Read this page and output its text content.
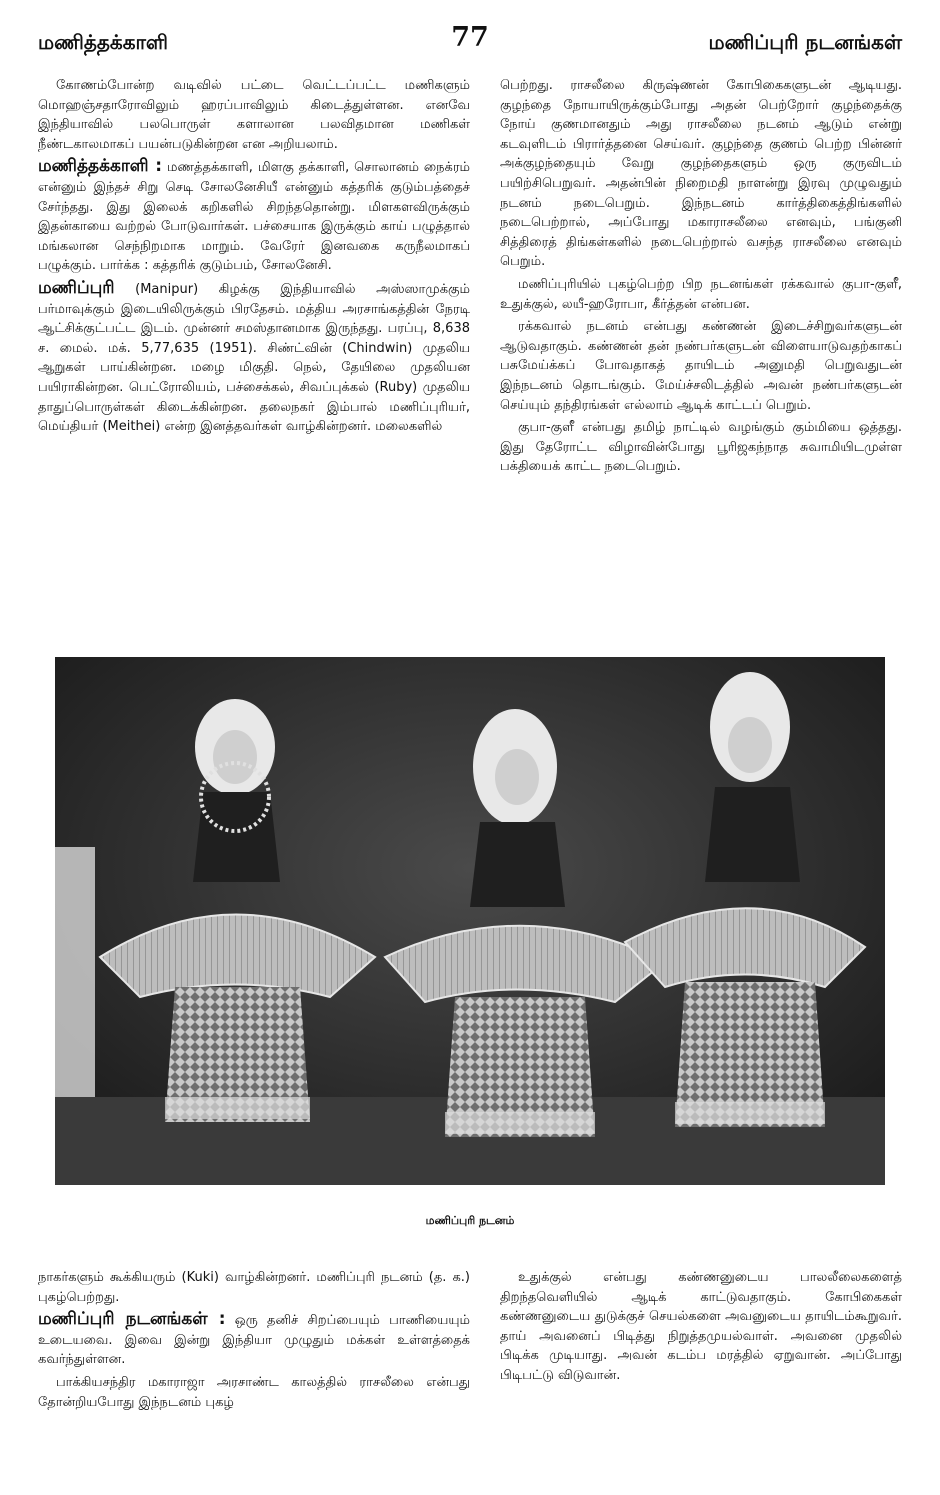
மணித்தக்காளி	77	மணிப்புரி நடனங்கள்

கோணம்போன்ற வடிவில் பட்டை வெட்டப்பட்ட மணிகளும் மொஹஞ்சதாரோவிலும் ஹரப்பாவிலும் கிடைத்துள்ளன. எனவே இந்தியாவில் பலபொருள் களாலான பலவிதமான மணிகள் நீண்டகாலமாகப் பயன்படுகின்றன என அறியலாம்.

மணித்தக்காளி : மணத்தக்காளி, மிளகு தக்காளி, சொலானம் நைக்ரம் என்னும் இந்தச் சிறு செடி சோலனேசியீ என்னும் கத்தரிக் குடும்பத்தைச் சேர்ந்தது. இது இலைக் கறிகளில் சிறந்ததொன்று. மிளகளவிருக்கும் இதன்காயை வற்றல் போடுவார்கள். பச்சையாக இருக்கும் காய் பழுத்தால் மங்கலான செந்நிறமாக மாறும். வேரேர் இனவகை கருநீலமாகப் பழுக்கும். பார்க்க : கத்தரிக் குடும்பம், சோலனேசி.

மணிப்புரி (Manipur) கிழக்கு இந்தியாவில் அஸ்ஸாமுக்கும் பர்மாவுக்கும் இடையிலிருக்கும் பிரதேசம். மத்திய அரசாங்கத்தின் நேரடி ஆட்சிக்குட்பட்ட இடம். முன்னர் சமஸ்தானமாக இருந்தது. பரப்பு, 8,638 ச. மைல். மக். 5,77,635 (1951). சிண்ட்வின் (Chindwin) முதலிய ஆறுகள் பாய்கின்றன. மழை மிகுதி. நெல், தேயிலை முதலியன பயிராகின்றன. பெட்ரோலியம், பச்சைக்கல், சிவப்புக்கல் (Ruby) முதலிய தாதுப்பொருள்கள் கிடைக்கின்றன. தலைநகர் இம்பால் மணிப்புரியர், மெய்தியர் (Meithei) என்ற இனத்தவர்கள் வாழ்கின்றனர். மலைகளில்

பெற்றது. ராசலீலை கிருஷ்ணன் கோபிகைகளுடன் ஆடியது. குழந்தை நோயாயிருக்கும்போது அதன் பெற்றோர் குழந்தைக்கு நோய் குணமானதும் அது ராசலீலை நடனம் ஆடும் என்று கடவுளிடம் பிரார்த்தனை செய்வர். குழந்தை குணம் பெற்ற பின்னர் அக்குழந்தையும் வேறு குழந்தைகளும் ஒரு குருவிடம் பயிற்சிபெறுவர். அதன்பின் நிறைமதி நாளன்று இரவு முழுவதும் நடனம் நடைபெறும். இந்நடனம் கார்த்திகைத்திங்களில் நடைபெற்றால், அப்போது மகாராசலீலை எனவும், பங்குனி சித்திரைத் திங்கள்களில் நடைபெற்றால் வசந்த ராசலீலை எனவும் பெறும்.

மணிப்புரியில் புகழ்பெற்ற பிற நடனங்கள் ரக்கவால் குபா-குளீ, உதுக்குல், லயீ-ஹரோபா, கீர்த்தன் என்பன.

ரக்கவால் நடனம் என்பது கண்ணன் இடைச்சிறுவர்களுடன் ஆடுவதாகும். கண்ணன் தன் நண்பர்களுடன் விளையாடுவதற்காகப் பசுமேய்க்கப் போவதாகத் தாயிடம் அனுமதி பெறுவதுடன் இந்நடனம் தொடங்கும். மேய்ச்சலிடத்தில் அவன் நண்பர்களுடன் செய்யும் தந்திரங்கள் எல்லாம் ஆடிக் காட்டப் பெறும்.

குபா-குளீ என்பது தமிழ் நாட்டில் வழங்கும் கும்மியை ஒத்தது. இது தேரோட்ட விழாவின்போது பூரிஜகந்நாத சுவாமியிடமுள்ள பக்தியைக் காட்ட நடைபெறும்.

மணிப்புரி நடனம்

நாகர்களும் கூக்கியரும் (Kuki) வாழ்கின்றனர். மணிப்புரி நடனம் (த. க.) புகழ்பெற்றது.

மணிப்புரி நடனங்கள் : ஒரு தனிச் சிறப்பையும் பாணியையும் உடையவை. இவை இன்று இந்தியா முழுதும் மக்கள் உள்ளத்தைக் கவர்ந்துள்ளன.

பாக்கியசந்திர மகாராஜா அரசாண்ட காலத்தில் ராசலீலை என்பது தோன்றியபோது இந்நடனம் புகழ்

உதுக்குல் என்பது கண்ணனுடைய பாலலீலைகளைத் திறந்தவெளியில் ஆடிக் காட்டுவதாகும். கோபிகைகள் கண்ணனுடைய துடுக்குச் செயல்களை அவனுடைய தாயிடம்கூறுவர். தாய் அவனைப் பிடித்து நிறுத்தமுயல்வாள். அவனை முதலில் பிடிக்க முடியாது. அவன் கடம்ப மரத்தில் ஏறுவான். அப்போது பிடிபட்டு விடுவான்.
